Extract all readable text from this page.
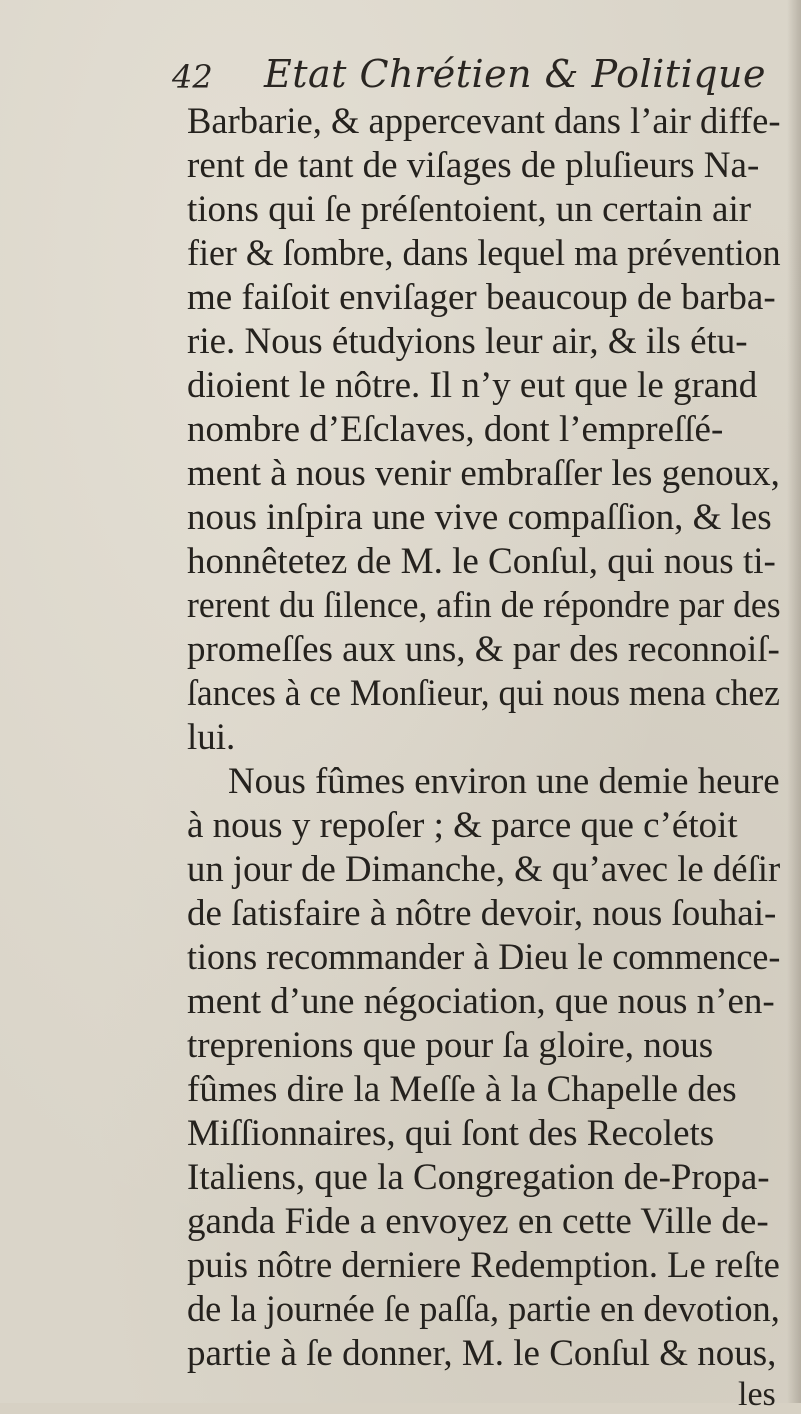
42 Etat Chrétien & Politique
Barbarie, & appercevant dans l’air diffe-
rent de tant de viſages de pluſieurs Na-
tions qui ſe préſentoient, un certain air
fier & ſombre, dans lequel ma prévention
me faiſoit enviſager beaucoup de barba-
rie. Nous étudyions leur air, & ils étu-
dioient le nôtre. Il n’y eut que le grand
nombre d’Eſclaves, dont l’empreſſé-
ment à nous venir embraſſer les genoux,
nous inſpira une vive compaſſion, & les
honnêtetez de M. le Conſul, qui nous ti-
rerent du ſilence, afin de répondre par des
promeſſes aux uns, & par des reconnoiſ-
ſances à ce Monſieur, qui nous mena chez
lui.
Nous fûmes environ une demie heure
à nous y repoſer ; & parce que c’étoit
un jour de Dimanche, & qu’avec le déſir
de ſatisfaire à nôtre devoir, nous ſouhai-
tions recommander à Dieu le commence-
ment d’une négociation, que nous n’en-
treprenions que pour ſa gloire, nous
fûmes dire la Meſſe à la Chapelle des
Miſſionnaires, qui ſont des Recolets
Italiens, que la Congregation de-Propa-
ganda Fide a envoyez en cette Ville de-
puis nôtre derniere Redemption. Le reſte
de la journée ſe paſſa, partie en devotion,
partie à ſe donner, M. le Conſul & nous,
les
